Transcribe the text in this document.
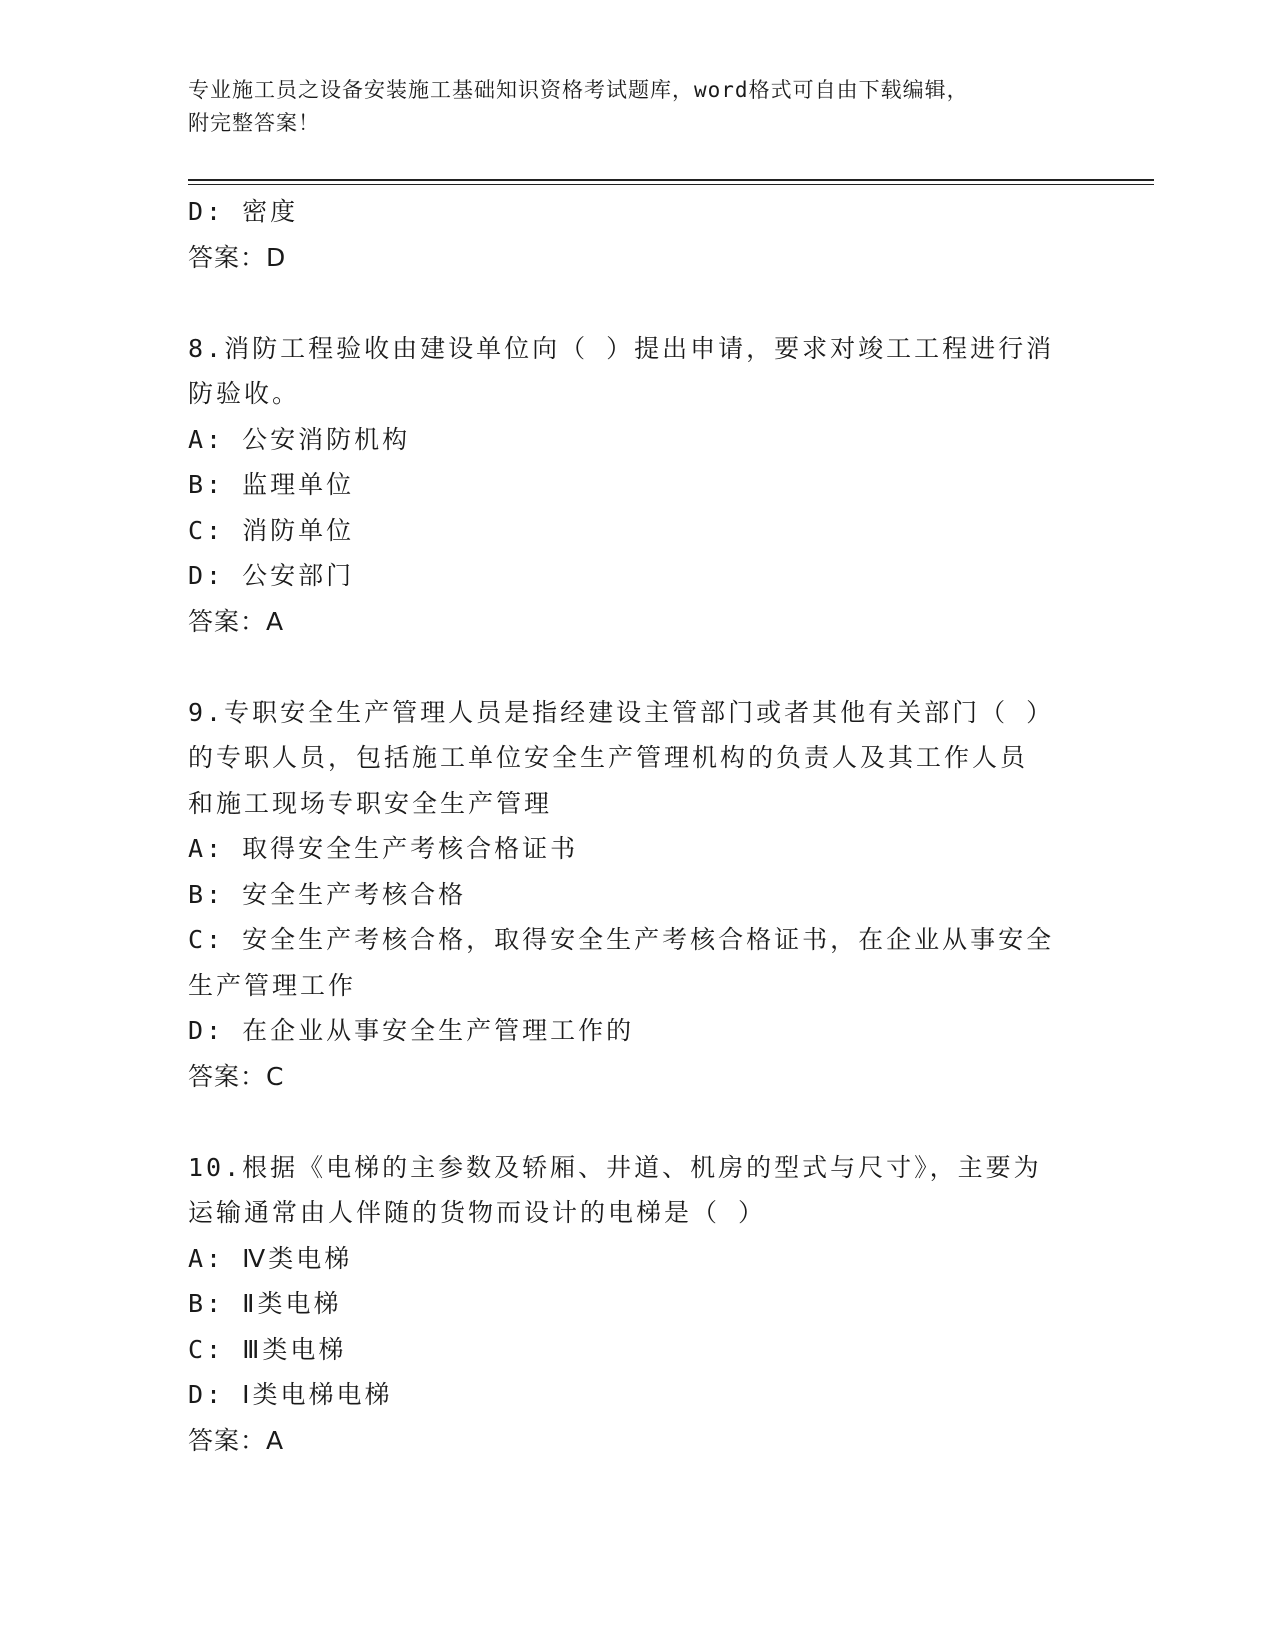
专业施工员之设备安装施工基础知识资格考试题库，word格式可自由下载编辑，
附完整答案！
D: 密度
答案：D
8.消防工程验收由建设单位向（ ）提出申请，要求对竣工工程进行消
防验收。
A: 公安消防机构
B: 监理单位
C: 消防单位
D: 公安部门
答案：A
9.专职安全生产管理人员是指经建设主管部门或者其他有关部门（ ）
的专职人员，包括施工单位安全生产管理机构的负责人及其工作人员
和施工现场专职安全生产管理
A: 取得安全生产考核合格证书
B: 安全生产考核合格
C: 安全生产考核合格，取得安全生产考核合格证书，在企业从事安全
生产管理工作
D: 在企业从事安全生产管理工作的
答案：C
10.根据《电梯的主参数及轿厢、井道、机房的型式与尺寸》，主要为
运输通常由人伴随的货物而设计的电梯是（ ）
A: Ⅳ类电梯
B: Ⅱ类电梯
C: Ⅲ类电梯
D: Ⅰ类电梯电梯
答案：A
